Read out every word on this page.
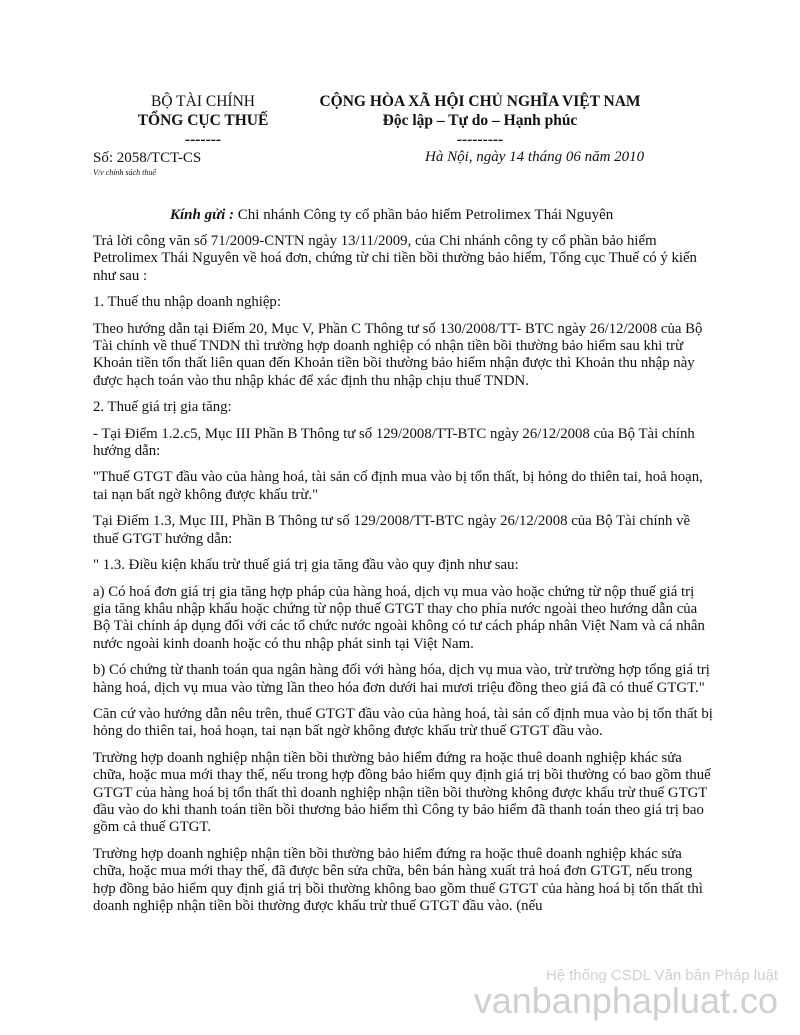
BỘ TÀI CHÍNH
TỔNG CỤC THUẾ
-------
CỘNG HÒA XÃ HỘI CHỦ NGHĨA VIỆT NAM
Độc lập – Tự do – Hạnh phúc
---------
Số: 2058/TCT-CS
V/v chính sách thuế
Hà Nội, ngày 14 tháng 06 năm 2010
Kính gửi : Chi nhánh Công ty cổ phần bảo hiểm Petrolimex Thái Nguyên

Trả lời công văn số 71/2009-CNTN ngày 13/11/2009, của Chi nhánh công ty cổ phần bảo hiểm Petrolimex Thái Nguyên về hoá đơn, chứng từ chi tiền bồi thường bảo hiểm, Tổng cục Thuế có ý kiến như sau :

1. Thuế thu nhập doanh nghiệp:

Theo hướng dẫn tại Điểm 20, Mục V, Phần C Thông tư số 130/2008/TT- BTC ngày 26/12/2008 của Bộ Tài chính về thuế TNDN thì trường hợp doanh nghiệp có nhận tiền bồi thường bảo hiểm sau khi trừ Khoản tiền tổn thất liên quan đến Khoản tiền bồi thường bảo hiểm nhận được thì Khoản thu nhập này được hạch toán vào thu nhập khác để xác định thu nhập chịu thuế TNDN.

2. Thuế giá trị gia tăng:

- Tại Điểm 1.2.c5, Mục III Phần B Thông tư số 129/2008/TT-BTC ngày 26/12/2008 của Bộ Tài chính hướng dẫn:

"Thuế GTGT đầu vào của hàng hoá, tài sản cố định mua vào bị tổn thất, bị hỏng do thiên tai, hoả hoạn, tai nạn bất ngờ không được khấu trừ."

Tại Điểm 1.3, Mục III, Phần B Thông tư số 129/2008/TT-BTC ngày 26/12/2008 của Bộ Tài chính về thuế GTGT hướng dẫn:

" 1.3. Điều kiện khấu trừ thuế giá trị gia tăng đầu vào quy định như sau:

a) Có hoá đơn giá trị gia tăng hợp pháp của hàng hoá, dịch vụ mua vào hoặc chứng từ nộp thuế giá trị gia tăng khâu nhập khẩu hoặc chứng từ nộp thuế GTGT thay cho phía nước ngoài theo hướng dẫn của Bộ Tài chính áp dụng đối với các tổ chức nước ngoài không có tư cách pháp nhân Việt Nam và cá nhân nước ngoài kinh doanh hoặc có thu nhập phát sinh tại Việt Nam.

b) Có chứng từ thanh toán qua ngân hàng đối với hàng hóa, dịch vụ mua vào, trừ trường hợp tổng giá trị hàng hoá, dịch vụ mua vào từng lần theo hóa đơn dưới hai mươi triệu đồng theo giá đã có thuế GTGT."

Căn cứ vào hướng dẫn nêu trên, thuế GTGT đầu vào của hàng hoá, tài sản cố định mua vào bị tổn thất bị hỏng do thiên tai, hoả hoạn, tai nạn bất ngờ không được khấu trừ thuế GTGT đầu vào.

Trường hợp doanh nghiệp nhận tiền bồi thường bảo hiểm đứng ra hoặc thuê doanh nghiệp khác sửa chữa, hoặc mua mới thay thế, nếu trong hợp đồng bảo hiểm quy định giá trị bồi thường có bao gồm thuế GTGT của hàng hoá bị tổn thất thì doanh nghiệp nhận tiền bồi thường không được khấu trừ thuế GTGT đầu vào do khi thanh toán tiền bồi thương bảo hiểm thì Công ty bảo hiểm đã thanh toán theo giá trị bao gồm cả thuế GTGT.

Trường hợp doanh nghiệp nhận tiền bồi thường bảo hiểm đứng ra hoặc thuê doanh nghiệp khác sửa chữa, hoặc mua mới thay thế, đã được bên sửa chữa, bên bán hàng xuất trả hoá đơn GTGT, nếu trong hợp đồng bảo hiểm quy định giá trị bồi thường không bao gồm thuế GTGT của hàng hoá bị tổn thất thì doanh nghiệp nhận tiền bồi thường được khấu trừ thuế GTGT đầu vào. (nếu

Hệ thống CSDL Văn bản Pháp luật
vanbanphapluat.co
